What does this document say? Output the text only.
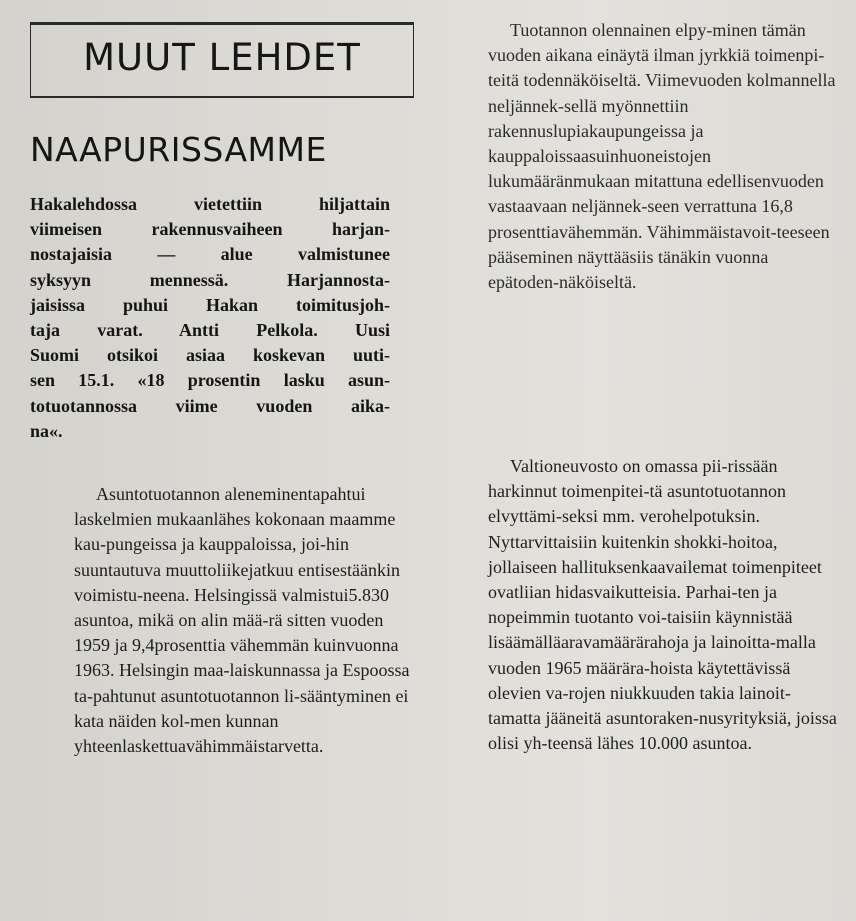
MUUT LEHDET
NAAPURISSAMME
Hakalehdossa vietettiin hiljattain
viimeisen rakennusvaiheen harjan-
nostajaisia — alue valmistunee
syksyyn mennessä. Harjannosta-
jaisissa puhui Hakan toimitusjoh-
taja varat. Antti Pelkola. Uusi
Suomi otsikoi asiaa koskevan uuti-
sen 15.1. «18 prosentin lasku asun-
totuotannossa viime vuoden aika-
na«.
Asuntotuotannon aleneminentapahtui laskelmien mukaanlähes kokonaan maamme kau-pungeissa ja kauppaloissa, joi-hin suuntautuva muuttoliikejatkuu entisestäänkin voimistu-neena. Helsingissä valmistui5.830 asuntoa, mikä on alin mää-rä sitten vuoden 1959 ja 9,4prosenttia vähemmän kuinvuonna 1963. Helsingin maa-laiskunnassa ja Espoossa ta-pahtunut asuntotuotannon li-sääntyminen ei kata näiden kol-men kunnan yhteenlaskettuavähimmäistarvetta.
Tuotannon olennainen elpy-minen tämän vuoden aikana einäytä ilman jyrkkiä toimenpi-teitä todennäköiseltä. Viimevuoden kolmannella neljännek-sellä myönnettiin rakennuslupiakaupungeissa ja kauppaloissaasuinhuoneistojen lukumääränmukaan mitattuna edellisenvuoden vastaavaan neljännek-seen verrattuna 16,8 prosenttiavähemmän. Vähimmäistavoit-teeseen pääseminen näyttääsiis tänäkin vuonna epätoden-näköiseltä.
Valtioneuvosto on omassa pii-rissään harkinnut toimenpitei-tä asuntotuotannon elvyttämi-seksi mm. verohelpotuksin. Nyttarvittaisiin kuitenkin shokki-hoitoa, jollaiseen hallituksenkaavailemat toimenpiteet ovatliian hidasvaikutteisia. Parhai-ten ja nopeimmin tuotanto voi-taisiin käynnistää lisäämälläaravamäärärahoja ja lainoitta-malla vuoden 1965 määrära-hoista käytettävissä olevien va-rojen niukkuuden takia lainoit-tamatta jääneitä asuntoraken-nusyrityksiä, joissa olisi yh-teensä lähes 10.000 asuntoa.
